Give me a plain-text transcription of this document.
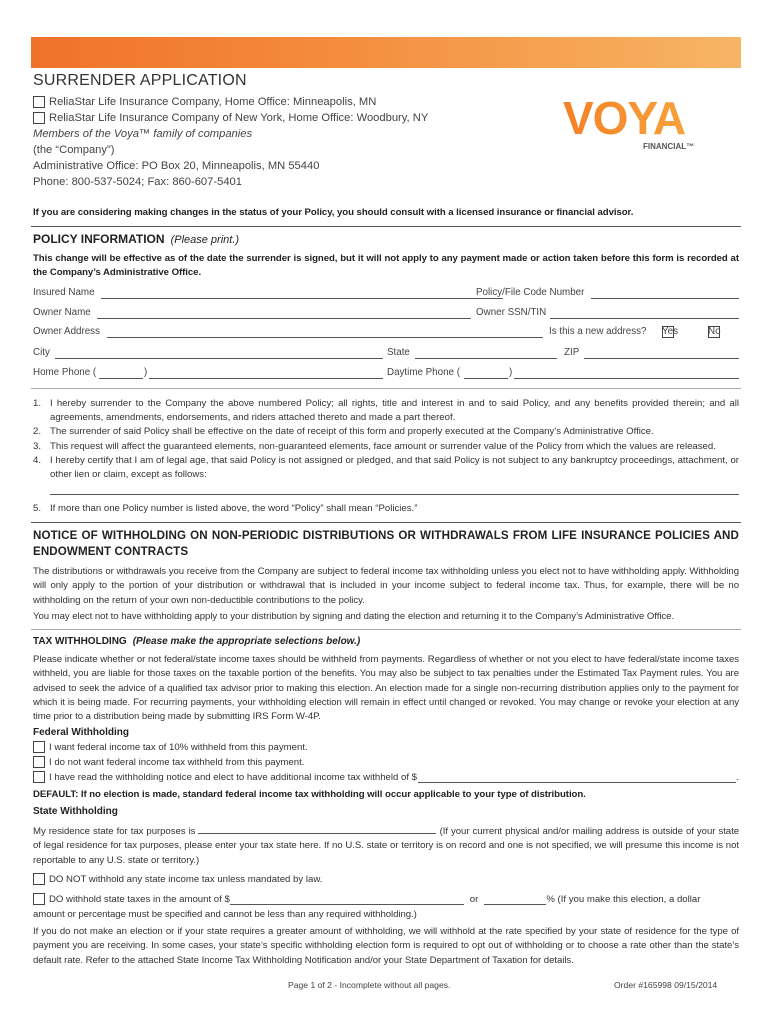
SURRENDER APPLICATION
ReliaStar Life Insurance Company, Home Office: Minneapolis, MN
ReliaStar Life Insurance Company of New York, Home Office: Woodbury, NY
Members of the Voya™ family of companies
(the “Company”)
Administrative Office: PO Box 20, Minneapolis, MN 55440
Phone: 800-537-5024; Fax: 860-607-5401
VOYA
FINANCIAL™
If you are considering making changes in the status of your Policy, you should consult with a licensed insurance or financial advisor.
POLICY INFORMATION (Please print.)
This change will be effective as of the date the surrender is signed, but it will not apply to any payment made or action taken before this form is recorded at the Company’s Administrative Office.
Insured Name	Policy/File Code Number
Owner Name	Owner SSN/TIN
Owner Address	Is this a new address? Yes	No
City	State	ZIP
Home Phone (	)	Daytime Phone (	)
1. I hereby surrender to the Company the above numbered Policy; all rights, title and interest in and to said Policy, and any benefits provided therein; and all agreements, amendments, endorsements, and riders attached thereto and made a part thereof.
2. The surrender of said Policy shall be effective on the date of receipt of this form and properly executed at the Company’s Administrative Office.
3. This request will affect the guaranteed elements, non-guaranteed elements, face amount or surrender value of the Policy from which the values are released.
4. I hereby certify that I am of legal age, that said Policy is not assigned or pledged, and that said Policy is not subject to any bankruptcy proceedings, attachment, or other lien or claim, except as follows:
5. If more than one Policy number is listed above, the word “Policy” shall mean “Policies.”
NOTICE OF WITHHOLDING ON NON-PERIODIC DISTRIBUTIONS OR WITHDRAWALS FROM LIFE INSURANCE POLICIES AND ENDOWMENT CONTRACTS
The distributions or withdrawals you receive from the Company are subject to federal income tax withholding unless you elect not to have withholding apply. Withholding will only apply to the portion of your distribution or withdrawal that is included in your income subject to federal income tax. Thus, for example, there will be no withholding on the return of your own non-deductible contributions to the policy.
You may elect not to have withholding apply to your distribution by signing and dating the election and returning it to the Company’s Administrative Office.
TAX WITHHOLDING (Please make the appropriate selections below.)
Please indicate whether or not federal/state income taxes should be withheld from payments. Regardless of whether or not you elect to have federal/state income taxes withheld, you are liable for those taxes on the taxable portion of the benefits. You may also be subject to tax penalties under the Estimated Tax Payment rules. You are advised to seek the advice of a qualified tax advisor prior to making this election. An election made for a single non-recurring distribution applies only to the payment for which it is being made. For recurring payments, your withholding election will remain in effect until changed or revoked. You may change or revoke your election at any time prior to a distribution being made by submitting IRS Form W-4P.
Federal Withholding
I want federal income tax of 10% withheld from this payment.
I do not want federal income tax withheld from this payment.
I have read the withholding notice and elect to have additional income tax withheld of $	.
DEFAULT: If no election is made, standard federal income tax withholding will occur applicable to your type of distribution.
State Withholding
My residence state for tax purposes is	(If your current physical and/or mailing address is outside of your state of legal residence for tax purposes, please enter your tax state here. If no U.S. state or territory is on record and one is not specified, we will presume this income is not reportable to any U.S. state or territory.)
DO NOT withhold any state income tax unless mandated by law.
DO withhold state taxes in the amount of $	or	% (If you make this election, a dollar
amount or percentage must be specified and cannot be less than any required withholding.)
If you do not make an election or if your state requires a greater amount of withholding, we will withhold at the rate specified by your state of residence for the type of payment you are receiving. In some cases, your state’s specific withholding election form is required to opt out of withholding or to choose a rate other than the state’s default rate. Refer to the attached State Income Tax Withholding Notification and/or your State Department of Taxation for details.
Page 1 of 2 - Incomplete without all pages.	Order #165998 09/15/2014
